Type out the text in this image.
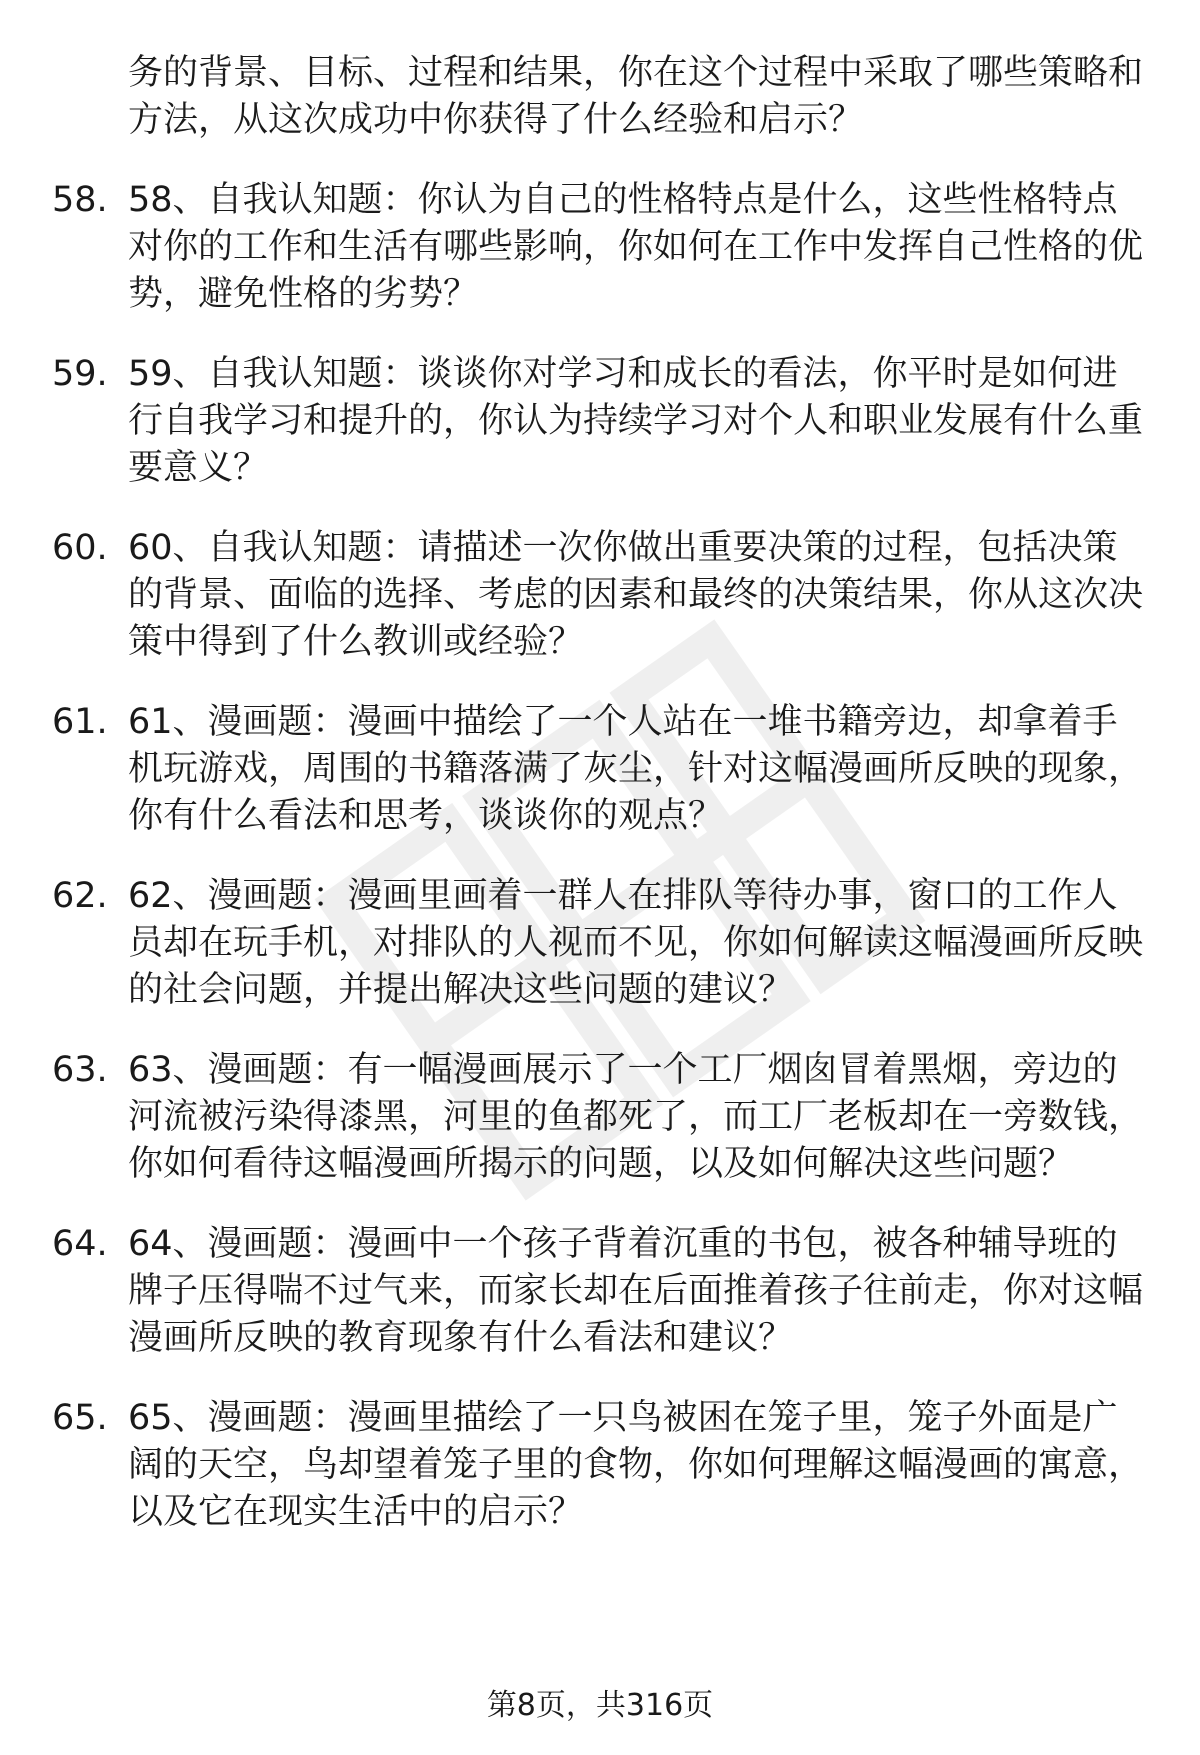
务的背景、目标、过程和结果，你在这个过程中采取了哪些策略和方法，从这次成功中你获得了什么经验和启示？
58. 58、自我认知题：你认为自己的性格特点是什么，这些性格特点对你的工作和生活有哪些影响，你如何在工作中发挥自己性格的优势，避免性格的劣势？
59. 59、自我认知题：谈谈你对学习和成长的看法，你平时是如何进行自我学习和提升的，你认为持续学习对个人和职业发展有什么重要意义？
60. 60、自我认知题：请描述一次你做出重要决策的过程，包括决策的背景、面临的选择、考虑的因素和最终的决策结果，你从这次决策中得到了什么教训或经验？
61. 61、漫画题：漫画中描绘了一个人站在一堆书籍旁边，却拿着手机玩游戏，周围的书籍落满了灰尘，针对这幅漫画所反映的现象，你有什么看法和思考，谈谈你的观点？
62. 62、漫画题：漫画里画着一群人在排队等待办事，窗口的工作人员却在玩手机，对排队的人视而不见，你如何解读这幅漫画所反映的社会问题，并提出解决这些问题的建议？
63. 63、漫画题：有一幅漫画展示了一个工厂烟囱冒着黑烟，旁边的河流被污染得漆黑，河里的鱼都死了，而工厂老板却在一旁数钱，你如何看待这幅漫画所揭示的问题，以及如何解决这些问题？
64. 64、漫画题：漫画中一个孩子背着沉重的书包，被各种辅导班的牌子压得喘不过气来，而家长却在后面推着孩子往前走，你对这幅漫画所反映的教育现象有什么看法和建议？
65. 65、漫画题：漫画里描绘了一只鸟被困在笼子里，笼子外面是广阔的天空，鸟却望着笼子里的食物，你如何理解这幅漫画的寓意，以及它在现实生活中的启示？
第8页，共316页
